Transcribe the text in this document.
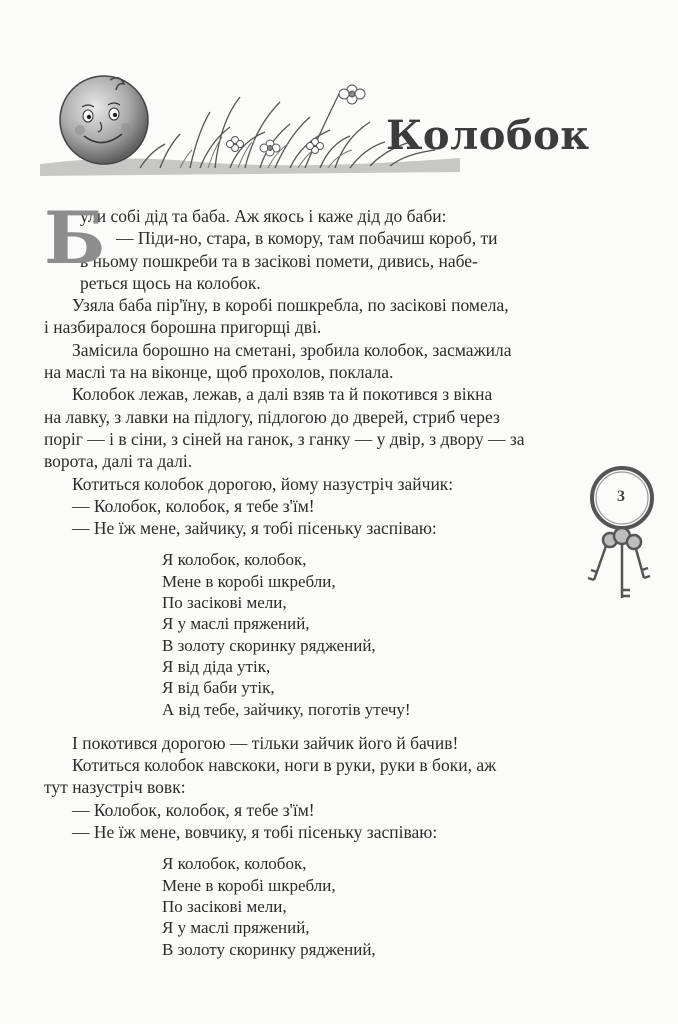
Колобок
3
Б
ули собі дід та баба. Аж якось і каже дід до баби:
— Піди-но, стара, в комору, там побачиш короб, ти
в ньому пошкреби та в засікові помети, дивись, набе-
реться щось на колобок.
Узяла баба пір'їну, в коробі пошкребла, по засікові помела,
і назбиралося борошна пригорщі дві.
Замісила борошно на сметані, зробила колобок, засмажила
на маслі та на віконце, щоб прохолов, поклала.
Колобок лежав, лежав, а далі взяв та й покотився з вікна
на лавку, з лавки на підлогу, підлогою до дверей, стриб через
поріг — і в сіни, з сіней на ганок, з ганку — у двір, з двору — за
ворота, далі та далі.
Котиться колобок дорогою, йому назустріч зайчик:
— Колобок, колобок, я тебе з'їм!
— Не їж мене, зайчику, я тобі пісеньку заспіваю:
Я колобок, колобок,
Мене в коробі шкребли,
По засікові мели,
Я у маслі пряжений,
В золоту скоринку ряджений,
Я від діда утік,
Я від баби утік,
А від тебе, зайчику, поготів утечу!
І покотився дорогою — тільки зайчик його й бачив!
Котиться колобок навскоки, ноги в руки, руки в боки, аж
тут назустріч вовк:
— Колобок, колобок, я тебе з'їм!
— Не їж мене, вовчику, я тобі пісеньку заспіваю:
Я колобок, колобок,
Мене в коробі шкребли,
По засікові мели,
Я у маслі пряжений,
В золоту скоринку ряджений,
